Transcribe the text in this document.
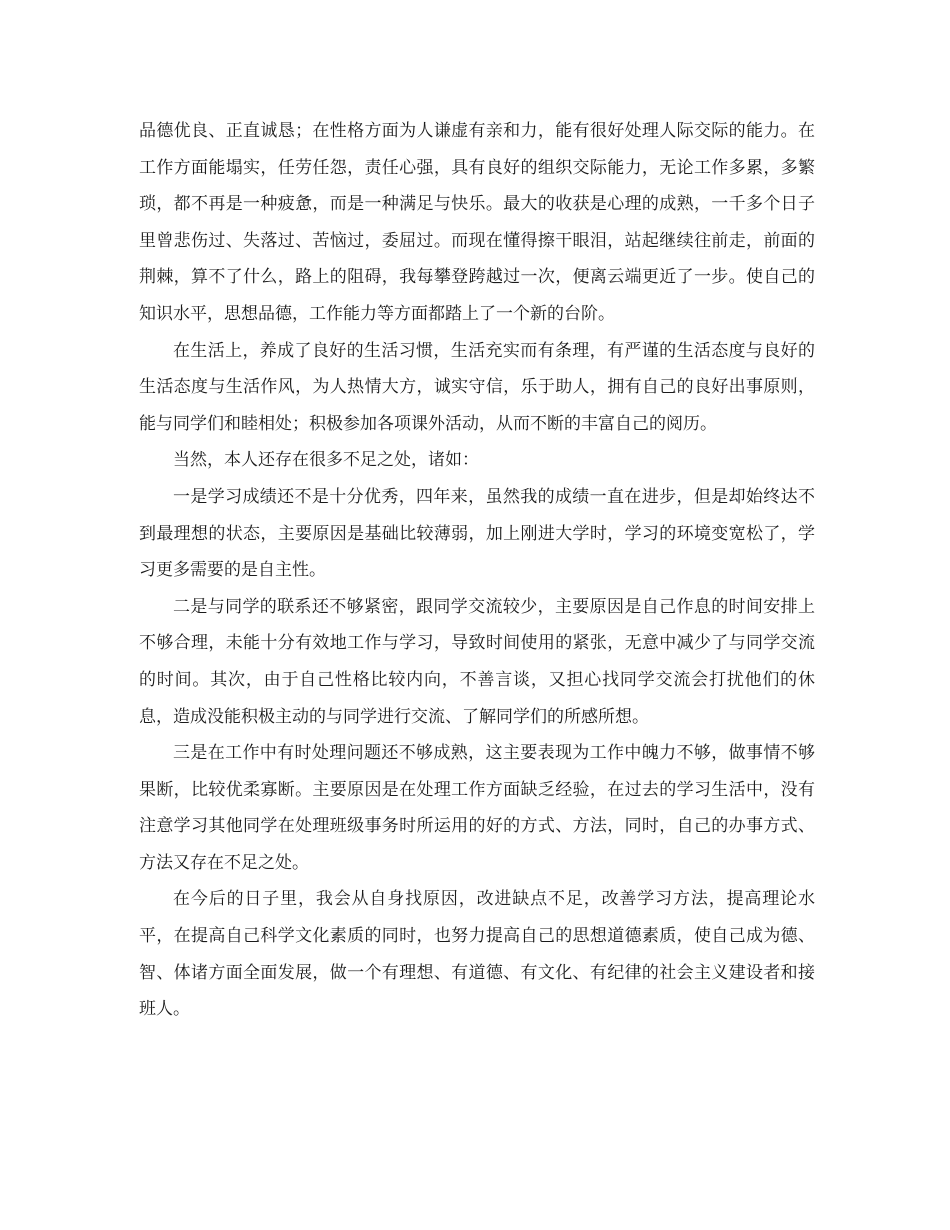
品德优良、正直诚恳；在性格方面为人谦虚有亲和力，能有很好处理人际交际的能力。在工作方面能塌实，任劳任怨，责任心强，具有良好的组织交际能力，无论工作多累，多繁琐，都不再是一种疲惫，而是一种满足与快乐。最大的收获是心理的成熟，一千多个日子里曾悲伤过、失落过、苦恼过，委屈过。而现在懂得擦干眼泪，站起继续往前走，前面的荆棘，算不了什么，路上的阻碍，我每攀登跨越过一次，便离云端更近了一步。使自己的知识水平，思想品德，工作能力等方面都踏上了一个新的台阶。

在生活上，养成了良好的生活习惯，生活充实而有条理，有严谨的生活态度与良好的生活态度与生活作风，为人热情大方，诚实守信，乐于助人，拥有自己的良好出事原则，能与同学们和睦相处；积极参加各项课外活动，从而不断的丰富自己的阅历。

当然，本人还存在很多不足之处，诸如：

一是学习成绩还不是十分优秀，四年来，虽然我的成绩一直在进步，但是却始终达不到最理想的状态，主要原因是基础比较薄弱，加上刚进大学时，学习的环境变宽松了，学习更多需要的是自主性。

二是与同学的联系还不够紧密，跟同学交流较少，主要原因是自己作息的时间安排上不够合理，未能十分有效地工作与学习，导致时间使用的紧张，无意中减少了与同学交流的时间。其次，由于自己性格比较内向，不善言谈，又担心找同学交流会打扰他们的休息，造成没能积极主动的与同学进行交流、了解同学们的所感所想。

三是在工作中有时处理问题还不够成熟，这主要表现为工作中魄力不够，做事情不够果断，比较优柔寡断。主要原因是在处理工作方面缺乏经验，在过去的学习生活中，没有注意学习其他同学在处理班级事务时所运用的好的方式、方法，同时，自己的办事方式、方法又存在不足之处。

在今后的日子里，我会从自身找原因，改进缺点不足，改善学习方法，提高理论水平，在提高自己科学文化素质的同时，也努力提高自己的思想道德素质，使自己成为德、智、体诸方面全面发展，做一个有理想、有道德、有文化、有纪律的社会主义建设者和接班人。
